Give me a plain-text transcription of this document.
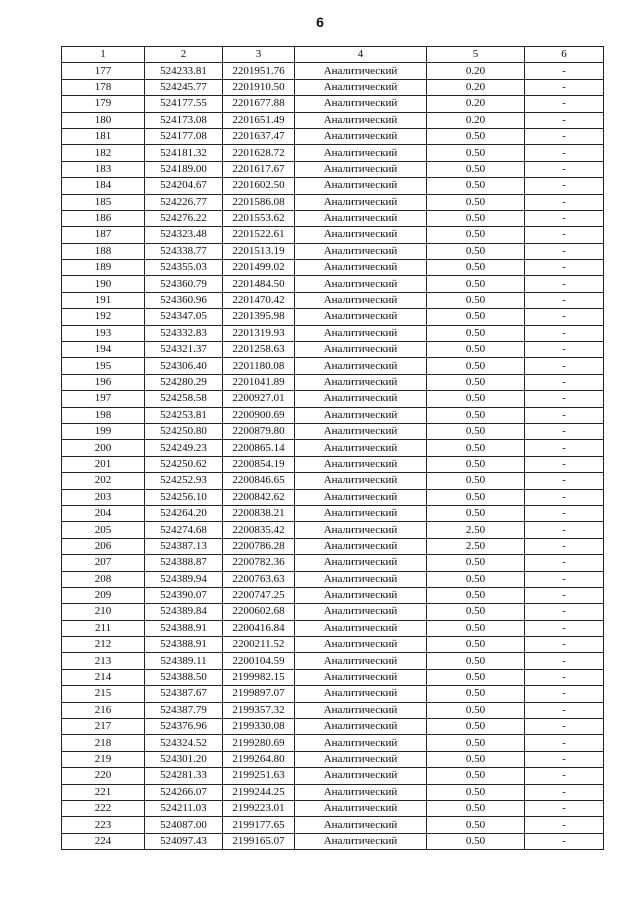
6
1	2	3	4	5	6
177	524233.81	2201951.76	Аналитический	0.20	-
178	524245.77	2201910.50	Аналитический	0.20	-
179	524177.55	2201677.88	Аналитический	0.20	-
180	524173.08	2201651.49	Аналитический	0.20	-
181	524177.08	2201637.47	Аналитический	0.50	-
182	524181.32	2201628.72	Аналитический	0.50	-
183	524189.00	2201617.67	Аналитический	0.50	-
184	524204.67	2201602.50	Аналитический	0.50	-
185	524226.77	2201586.08	Аналитический	0.50	-
186	524276.22	2201553.62	Аналитический	0.50	-
187	524323.48	2201522.61	Аналитический	0.50	-
188	524338.77	2201513.19	Аналитический	0.50	-
189	524355.03	2201499.02	Аналитический	0.50	-
190	524360.79	2201484.50	Аналитический	0.50	-
191	524360.96	2201470.42	Аналитический	0.50	-
192	524347.05	2201395.98	Аналитический	0.50	-
193	524332.83	2201319.93	Аналитический	0.50	-
194	524321.37	2201258.63	Аналитический	0.50	-
195	524306.40	2201180.08	Аналитический	0.50	-
196	524280.29	2201041.89	Аналитический	0.50	-
197	524258.58	2200927.01	Аналитический	0.50	-
198	524253.81	2200900.69	Аналитический	0.50	-
199	524250.80	2200879.80	Аналитический	0.50	-
200	524249.23	2200865.14	Аналитический	0.50	-
201	524250.62	2200854.19	Аналитический	0.50	-
202	524252.93	2200846.65	Аналитический	0.50	-
203	524256.10	2200842.62	Аналитический	0.50	-
204	524264.20	2200838.21	Аналитический	0.50	-
205	524274.68	2200835.42	Аналитический	2.50	-
206	524387.13	2200786.28	Аналитический	2.50	-
207	524388.87	2200782.36	Аналитический	0.50	-
208	524389.94	2200763.63	Аналитический	0.50	-
209	524390.07	2200747.25	Аналитический	0.50	-
210	524389.84	2200602.68	Аналитический	0.50	-
211	524388.91	2200416.84	Аналитический	0.50	-
212	524388.91	2200211.52	Аналитический	0.50	-
213	524389.11	2200104.59	Аналитический	0.50	-
214	524388.50	2199982.15	Аналитический	0.50	-
215	524387.67	2199897.07	Аналитический	0.50	-
216	524387.79	2199357.32	Аналитический	0.50	-
217	524376.96	2199330.08	Аналитический	0.50	-
218	524324.52	2199280.69	Аналитический	0.50	-
219	524301.20	2199264.80	Аналитический	0.50	-
220	524281.33	2199251.63	Аналитический	0.50	-
221	524266.07	2199244.25	Аналитический	0.50	-
222	524211.03	2199223.01	Аналитический	0.50	-
223	524087.00	2199177.65	Аналитический	0.50	-
224	524097.43	2199165.07	Аналитический	0.50	-
